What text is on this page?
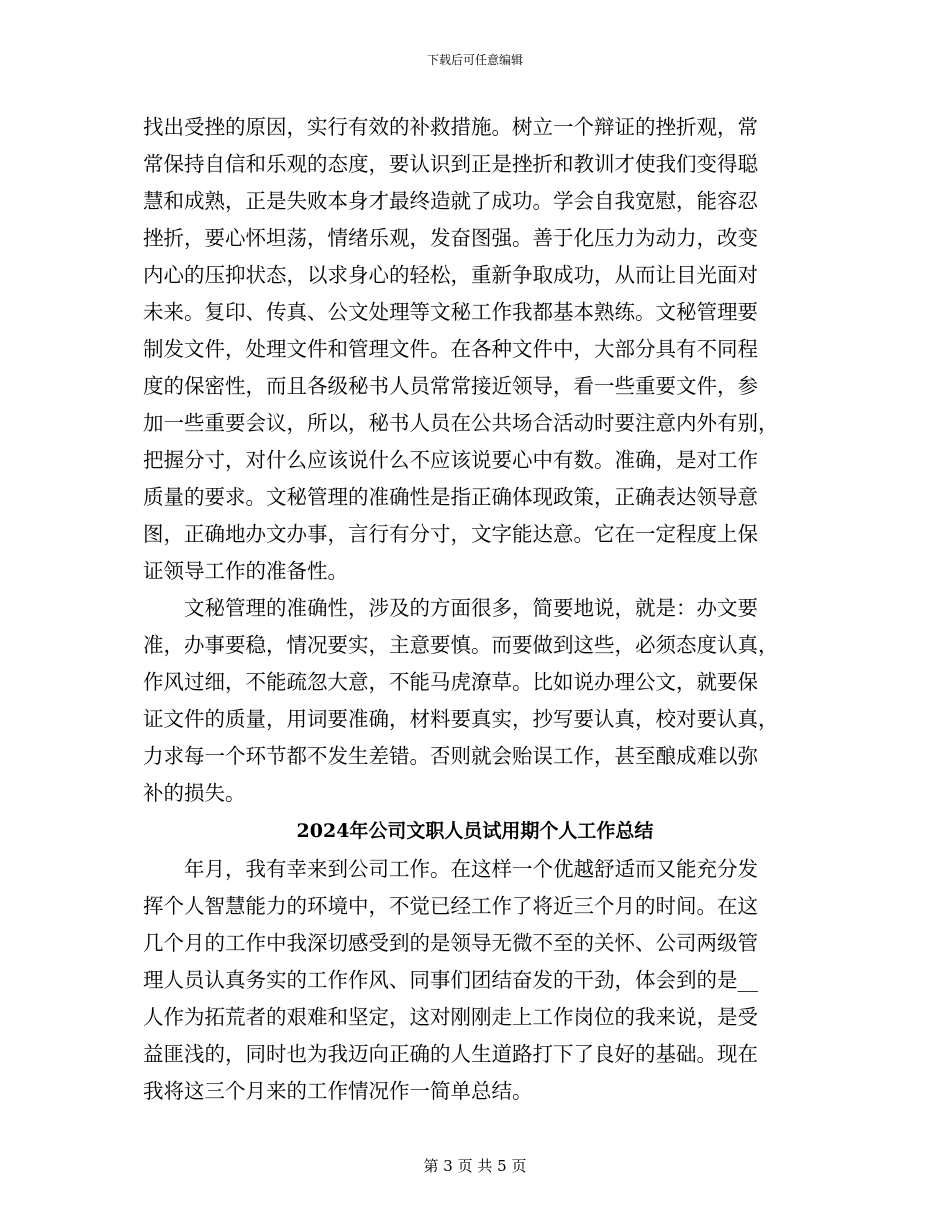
下载后可任意编辑
找出受挫的原因，实行有效的补救措施。树立一个辩证的挫折观，常
常保持自信和乐观的态度，要认识到正是挫折和教训才使我们变得聪
慧和成熟，正是失败本身才最终造就了成功。学会自我宽慰，能容忍
挫折，要心怀坦荡，情绪乐观，发奋图强。善于化压力为动力，改变
内心的压抑状态，以求身心的轻松，重新争取成功，从而让目光面对
未来。复印、传真、公文处理等文秘工作我都基本熟练。文秘管理要
制发文件，处理文件和管理文件。在各种文件中，大部分具有不同程
度的保密性，而且各级秘书人员常常接近领导，看一些重要文件，参
加一些重要会议，所以，秘书人员在公共场合活动时要注意内外有别，
把握分寸，对什么应该说什么不应该说要心中有数。准确，是对工作
质量的要求。文秘管理的准确性是指正确体现政策，正确表达领导意
图，正确地办文办事，言行有分寸，文字能达意。它在一定程度上保
证领导工作的准备性。
　　文秘管理的准确性，涉及的方面很多，简要地说，就是：办文要
准，办事要稳，情况要实，主意要慎。而要做到这些，必须态度认真，
作风过细，不能疏忽大意，不能马虎潦草。比如说办理公文，就要保
证文件的质量，用词要准确，材料要真实，抄写要认真，校对要认真，
力求每一个环节都不发生差错。否则就会贻误工作，甚至酿成难以弥
补的损失。
2024年公司文职人员试用期个人工作总结
　　年月，我有幸来到公司工作。在这样一个优越舒适而又能充分发
挥个人智慧能力的环境中，不觉已经工作了将近三个月的时间。在这
几个月的工作中我深切感受到的是领导无微不至的关怀、公司两级管
理人员认真务实的工作作风、同事们团结奋发的干劲，体会到的是__
人作为拓荒者的艰难和坚定，这对刚刚走上工作岗位的我来说，是受
益匪浅的，同时也为我迈向正确的人生道路打下了良好的基础。现在
我将这三个月来的工作情况作一简单总结。
第 3 页 共 5 页
